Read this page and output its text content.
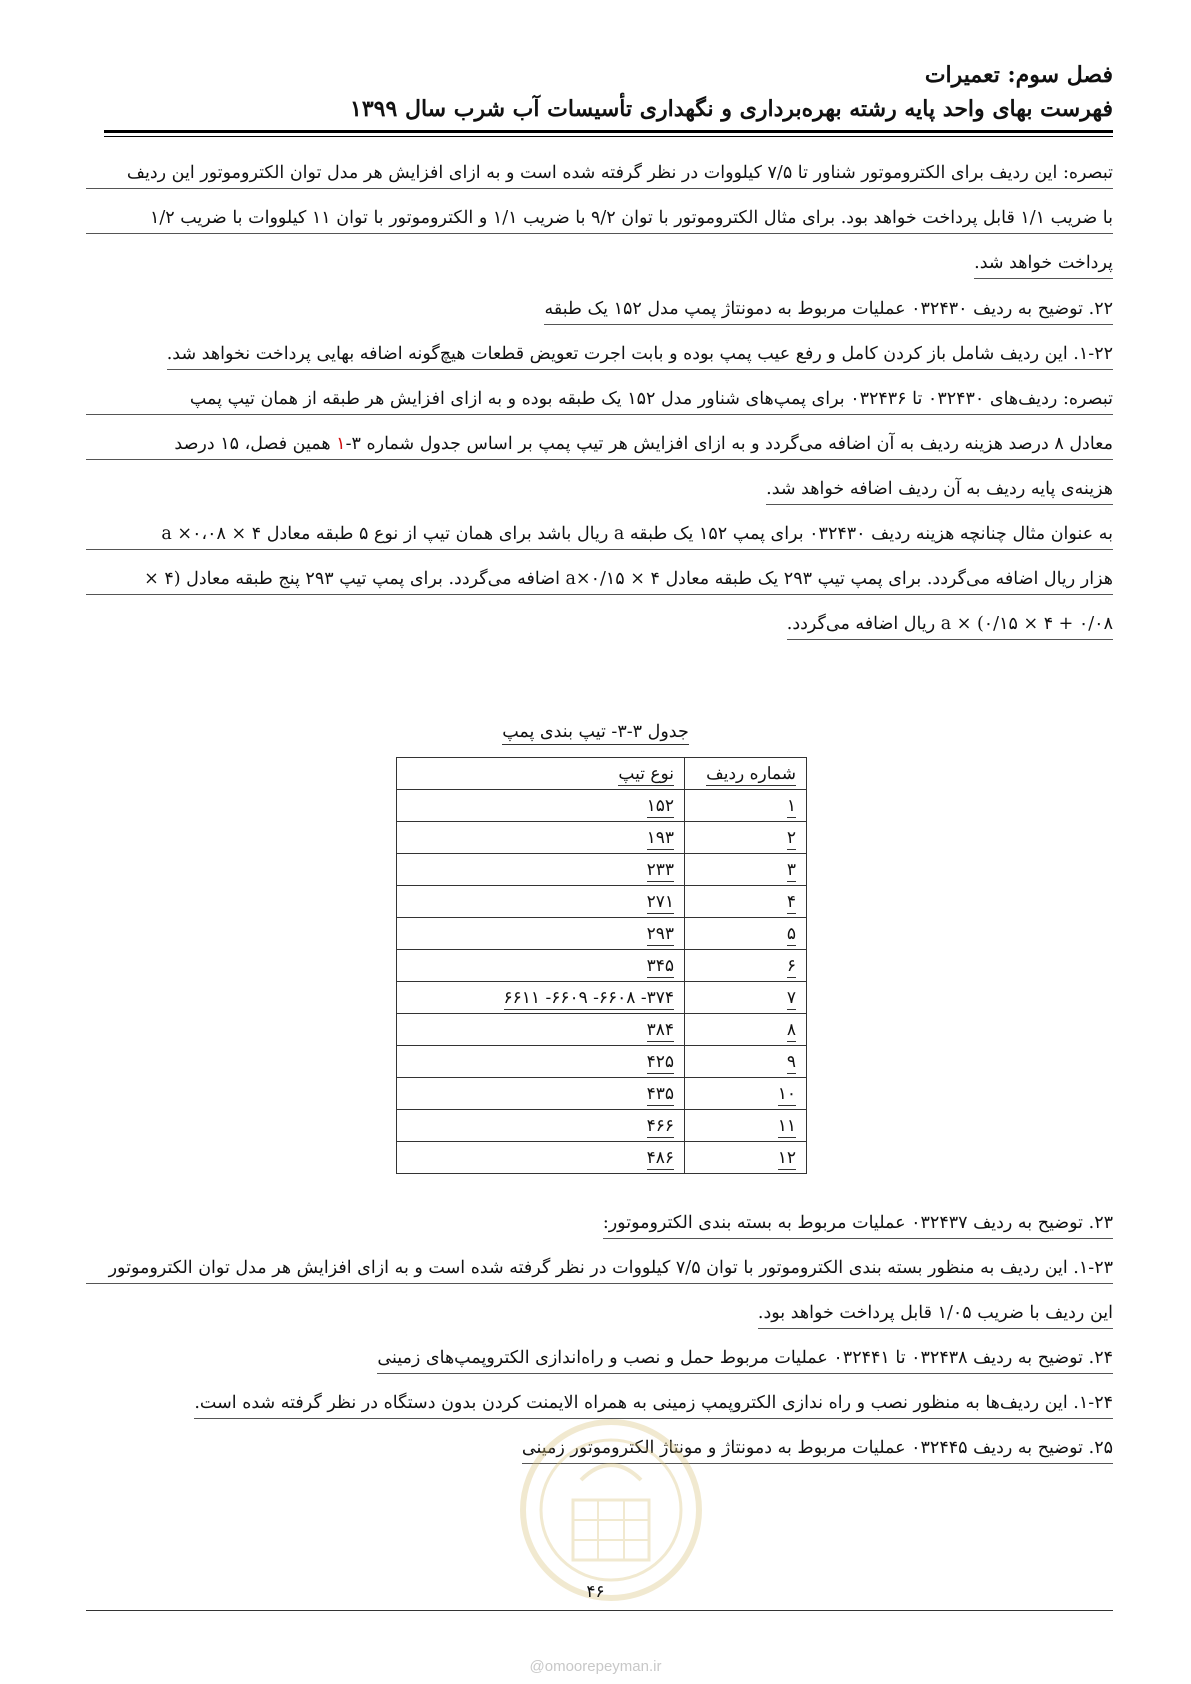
فصل سوم: تعمیرات
فهرست بهای واحد پایه رشته بهره‌برداری و نگهداری تأسیسات آب شرب سال ۱۳۹۹
تبصره: این ردیف برای الکتروموتور شناور تا ۷/۵ کیلووات در نظر گرفته شده است و به ازای افزایش هر مدل توان الکتروموتور این ردیف
با ضریب ۱/۱ قابل پرداخت خواهد بود. برای مثال الکتروموتور با توان ۹/۲ با ضریب ۱/۱ و الکتروموتور با توان ۱۱ کیلووات با ضریب ۱/۲
پرداخت خواهد شد.
۲۲. توضیح به ردیف ۰۳۲۴۳۰ عملیات مربوط به دمونتاژ پمپ مدل ۱۵۲ یک طبقه
۱-۲۲. این ردیف شامل باز کردن کامل و رفع عیب پمپ بوده و بابت اجرت تعویض قطعات هیچ‌گونه اضافه بهایی پرداخت نخواهد شد.
تبصره: ردیف‌های ۰۳۲۴۳۰ تا ۰۳۲۴۳۶ برای پمپ‌های شناور مدل ۱۵۲ یک طبقه بوده و به ازای افزایش هر طبقه از همان تیپ پمپ
معادل ۸ درصد هزینه ردیف به آن اضافه می‌گردد و به ازای افزایش هر تیپ پمپ بر اساس جدول شماره ۳-۱ همین فصل، ۱۵ درصد
هزینه‌ی پایه ردیف به آن ردیف اضافه خواهد شد.
به عنوان مثال چنانچه هزینه ردیف ۰۳۲۴۳۰ برای پمپ ۱۵۲ یک طبقه a ریال باشد برای همان تیپ از نوع ۵ طبقه معادل ۴ × ۰،۰۸× a
هزار ریال اضافه می‌گردد. برای پمپ تیپ ۲۹۳ یک طبقه معادل ۴ × a×۰/۱۵ اضافه می‌گردد. برای پمپ تیپ ۲۹۳ پنج طبقه معادل (۴ ×
۰/۰۸ + ۴ × ۰/۱۵) × a ریال اضافه می‌گردد.
۲۳. توضیح به ردیف ۰۳۲۴۳۷ عملیات مربوط به بسته بندی الکتروموتور:
۱-۲۳. این ردیف به منظور بسته بندی الکتروموتور با توان ۷/۵ کیلووات در نظر گرفته شده است و به ازای افزایش هر مدل توان الکتروموتور
این ردیف با ضریب ۱/۰۵ قابل پرداخت خواهد بود.
۲۴. توضیح به ردیف ۰۳۲۴۳۸ تا ۰۳۲۴۴۱ عملیات مربوط حمل و نصب و راه‌اندازی الکتروپمپ‌های زمینی
۱-۲۴. این ردیف‌ها به منظور نصب و راه ندازی الکتروپمپ زمینی به همراه الایمنت کردن بدون دستگاه در نظر گرفته شده است.
۲۵. توضیح به ردیف ۰۳۲۴۴۵ عملیات مربوط به دمونتاژ و مونتاژ الکتروموتور زمینی
جدول ۳-۳- تیپ بندی پمپ
شماره ردیف	نوع تیپ
۱	۱۵۲
۲	۱۹۳
۳	۲۳۳
۴	۲۷۱
۵	۲۹۳
۶	۳۴۵
۷	۳۷۴- ۶۶۰۸- ۶۶۰۹- ۶۶۱۱
۸	۳۸۴
۹	۴۲۵
۱۰	۴۳۵
۱۱	۴۶۶
۱۲	۴۸۶
۴۶
@omoorepeyman.ir
